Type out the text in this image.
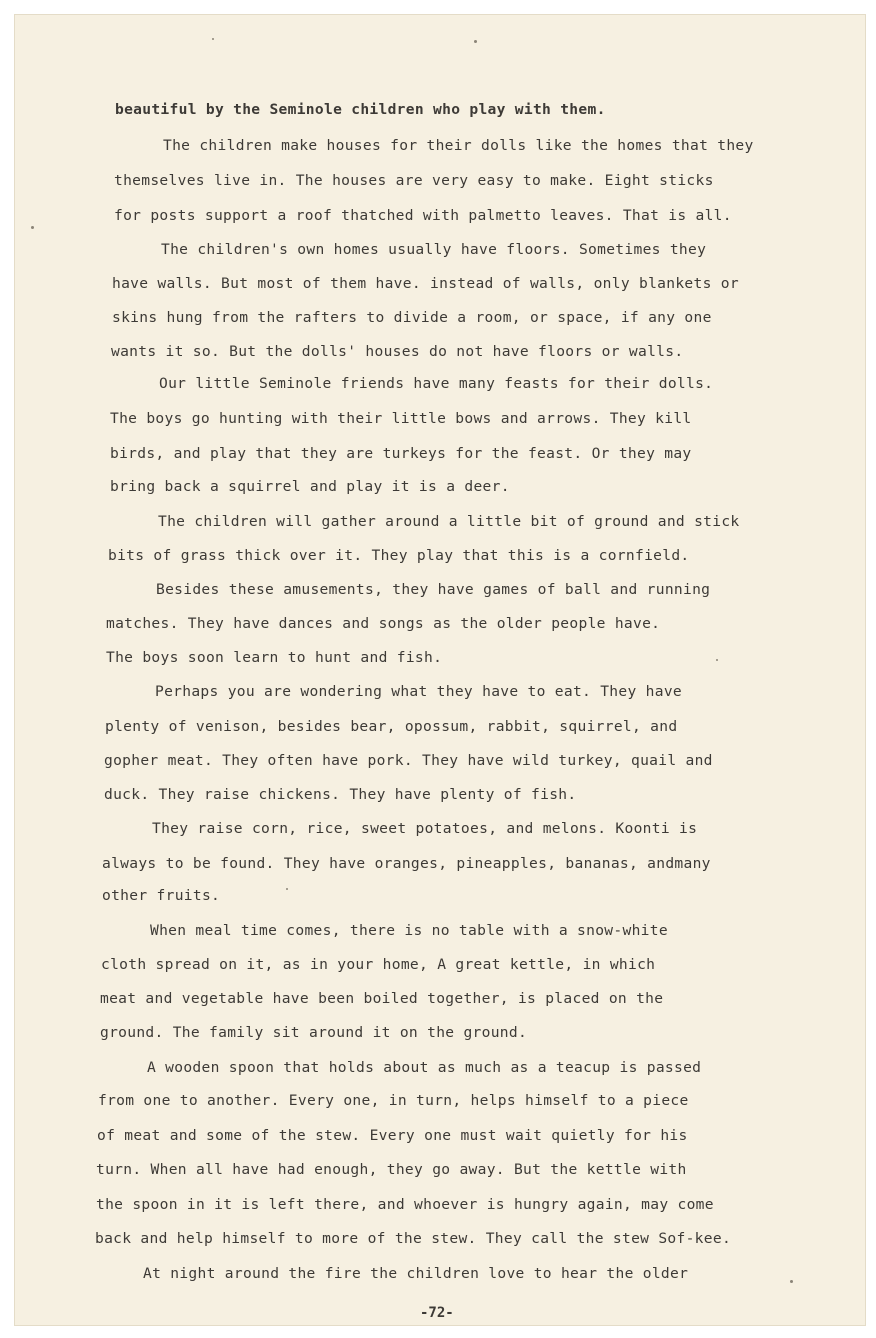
beautiful by the Seminole children who play with them.
The children make houses for their dolls like the homes that they
themselves live in. The houses are very easy to make. Eight sticks
for posts support a roof thatched with palmetto leaves. That is all.
The children's own homes usually have floors. Sometimes they
have walls. But most of them have. instead of walls, only blankets or
skins hung from the rafters to divide a room, or space, if any one
wants it so. But the dolls' houses do not have floors or walls.
Our little Seminole friends have many feasts for their dolls.
The boys go hunting with their little bows and arrows. They kill
birds, and play that they are turkeys for the feast. Or they may
bring back a squirrel and play it is a deer.
The children will gather around a little bit of ground and stick
bits of grass thick over it. They play that this is a cornfield.
Besides these amusements, they have games of ball and running
matches. They have dances and songs as the older people have.
The boys soon learn to hunt and fish.
Perhaps you are wondering what they have to eat. They have
plenty of venison, besides bear, opossum, rabbit, squirrel, and
gopher meat. They often have pork. They have wild turkey, quail and
duck. They raise chickens. They have plenty of fish.
They raise corn, rice, sweet potatoes, and melons. Koonti is
always to be found. They have oranges, pineapples, bananas, andmany
other fruits.
When meal time comes, there is no table with a snow-white
cloth spread on it, as in your home, A great kettle, in which
meat and vegetable have been boiled together, is placed on the
ground. The family sit around it on the ground.
A wooden spoon that holds about as much as a teacup is passed
from one to another. Every one, in turn, helps himself to a piece
of meat and some of the stew. Every one must wait quietly for his
turn. When all have had enough, they go away. But the kettle with
the spoon in it is left there, and whoever is hungry again, may come
back and help himself to more of the stew. They call the stew Sof-kee.
At night around the fire the children love to hear the older
-72-
